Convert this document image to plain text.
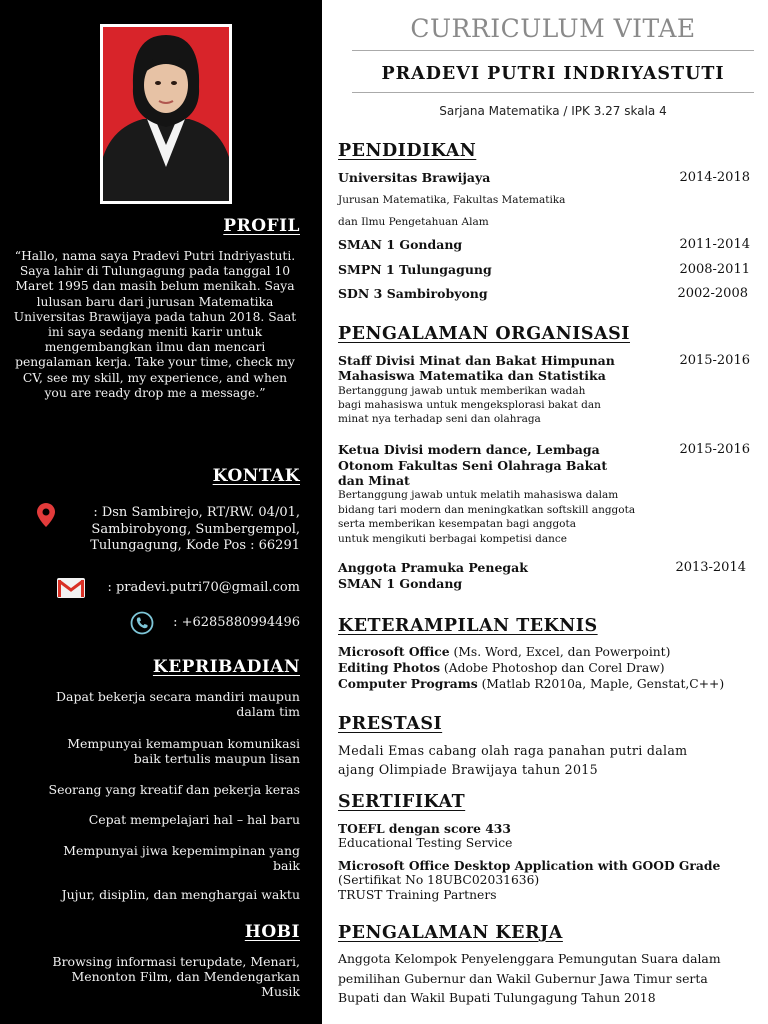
PROFIL
“Hallo, nama saya Pradevi Putri Indriyastuti. Saya lahir di Tulungagung pada tanggal 10 Maret 1995 dan masih belum menikah. Saya lulusan baru dari jurusan Matematika Universitas Brawijaya pada tahun 2018. Saat ini saya sedang meniti karir untuk mengembangkan ilmu dan mencari pengalaman kerja. Take your time, check my CV, see my skill, my experience, and when you are ready drop me a message.”
KONTAK
: Dsn Sambirejo, RT/RW. 04/01,
Sambirobyong, Sumbergempol,
Tulungagung, Kode Pos : 66291
: pradevi.putri70@gmail.com
: +6285880994496
KEPRIBADIAN
Dapat bekerja secara mandiri maupun
dalam tim
Mempunyai kemampuan komunikasi
baik tertulis maupun lisan
Seorang yang kreatif dan pekerja keras
Cepat mempelajari hal – hal baru
Mempunyai jiwa kepemimpinan yang
baik
Jujur, disiplin, dan menghargai waktu
HOBI
Browsing informasi terupdate, Menari,
Menonton Film, dan Mendengarkan
Musik
CURRICULUM VITAE
PRADEVI PUTRI INDRIYASTUTI
Sarjana Matematika / IPK 3.27 skala 4
PENDIDIKAN
Universitas Brawijaya	2014-2018
Jurusan Matematika, Fakultas Matematika
dan Ilmu Pengetahuan Alam
SMAN 1 Gondang	2011-2014
SMPN 1 Tulungagung	2008-2011
SDN 3 Sambirobyong	2002-2008
PENGALAMAN ORGANISASI
Staff Divisi Minat dan Bakat Himpunan
Mahasiswa Matematika dan Statistika
2015-2016
Bertanggung jawab untuk memberikan wadah
bagi mahasiswa untuk mengeksplorasi bakat dan
minat nya terhadap seni dan olahraga
Ketua Divisi modern dance, Lembaga
Otonom Fakultas Seni Olahraga Bakat
dan Minat
2015-2016
Bertanggung jawab untuk melatih mahasiswa dalam
bidang tari modern dan meningkatkan softskill anggota
serta memberikan kesempatan bagi anggota
untuk mengikuti berbagai kompetisi dance
Anggota Pramuka Penegak
SMAN 1 Gondang
2013-2014
KETERAMPILAN TEKNIS
Microsoft Office (Ms. Word, Excel, dan Powerpoint)
Editing Photos (Adobe Photoshop dan Corel Draw)
Computer Programs (Matlab R2010a, Maple, Genstat,C++)
PRESTASI
Medali Emas cabang olah raga panahan putri dalam
ajang Olimpiade Brawijaya tahun 2015
SERTIFIKAT
TOEFL dengan score 433
Educational Testing Service
Microsoft Office Desktop Application with GOOD Grade
(Sertifikat No 18UBC02031636)
TRUST Training Partners
PENGALAMAN KERJA
Anggota Kelompok Penyelenggara Pemungutan Suara dalam
pemilihan Gubernur dan Wakil Gubernur Jawa Timur serta
Bupati dan Wakil Bupati Tulungagung Tahun 2018
